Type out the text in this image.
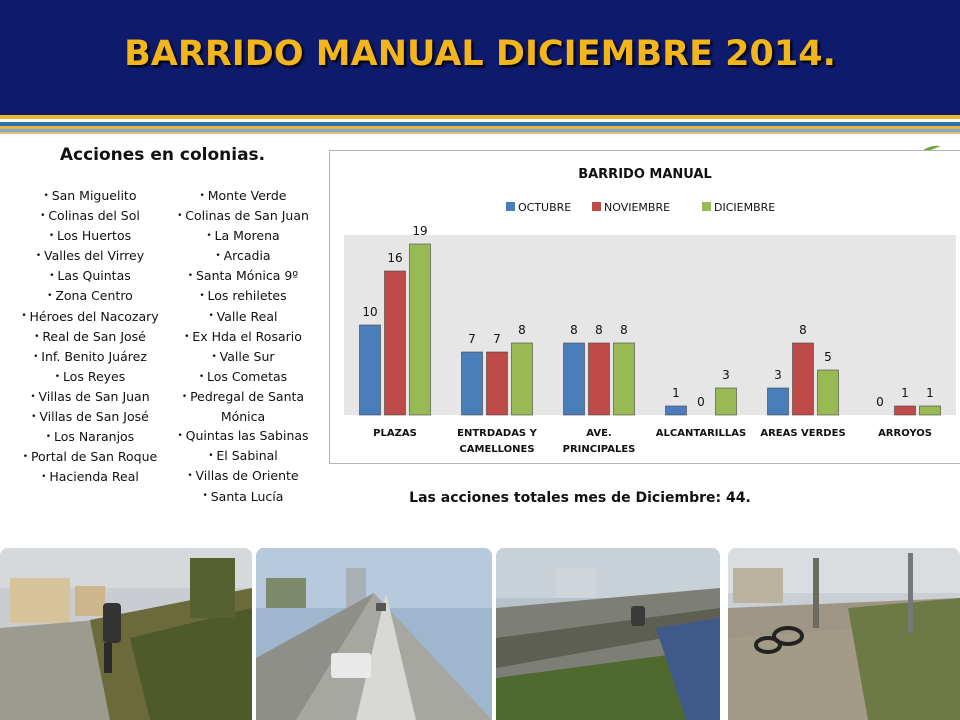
BARRIDO MANUAL DICIEMBRE 2014.
Acciones en colonias.
• San Miguelito
• Colinas del Sol
• Los Huertos
• Valles del Virrey
• Las Quintas
• Zona Centro
• Héroes del Nacozary
• Real de San José
• Inf. Benito Juárez
• Los Reyes
• Villas de San Juan
• Villas de San José
• Los Naranjos
• Portal de San Roque
• Hacienda Real
• Monte Verde
• Colinas de San Juan
• La Morena
• Arcadia
• Santa Mónica 9º
• Los rehiletes
• Valle Real
• Ex Hda el Rosario
• Valle Sur
• Los Cometas
• Pedregal de Santa Mónica
• Quintas las Sabinas
• El Sabinal
• Villas de Oriente
• Santa Lucía
BARRIDO MANUAL
OCTUBRE	NOVIEMBRE	DICIEMBRE
10
16
19
PLAZAS
7 7
8
ENTRDADAS Y
CAMELLONES
8 8 8
AVE.
PRINCIPALES
1
0
3
ALCANTARILLAS
3
8
5
AREAS VERDES
0
1 1
ARROYOS
Las acciones totales mes de Diciembre: 44.
